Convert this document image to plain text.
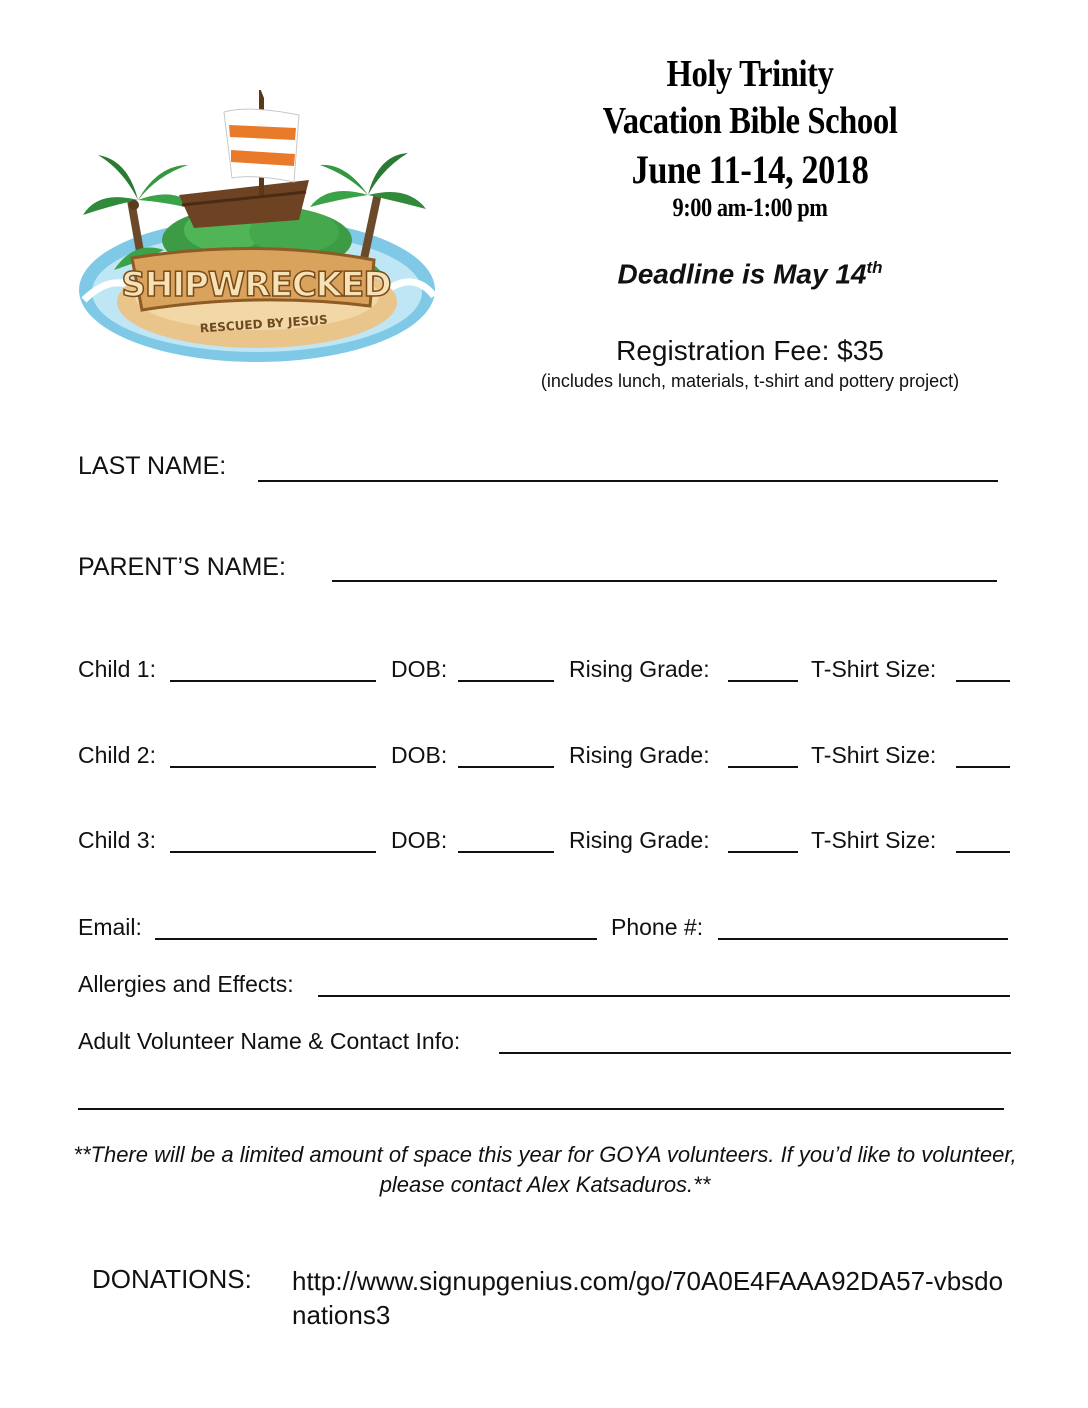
SHIPWRECKED
RESCUED BY JESUS
Holy Trinity
Vacation Bible School
June 11-14, 2018
9:00 am-1:00 pm
Deadline is May 14th
Registration Fee: $35
(includes lunch, materials, t-shirt and pottery project)
LAST NAME:
PARENT’S NAME:
Child 1:	DOB:	Rising Grade:	T-Shirt Size:
Child 2:	DOB:	Rising Grade:	T-Shirt Size:
Child 3:	DOB:	Rising Grade:	T-Shirt Size:
Email:	Phone #:
Allergies and Effects:
Adult Volunteer Name & Contact Info:
**There will be a limited amount of space this year for GOYA volunteers. If you’d like to volunteer, please contact Alex Katsaduros.**
DONATIONS: http://www.signupgenius.com/go/70A0E4FAAA92DA57-vbsdonations3
